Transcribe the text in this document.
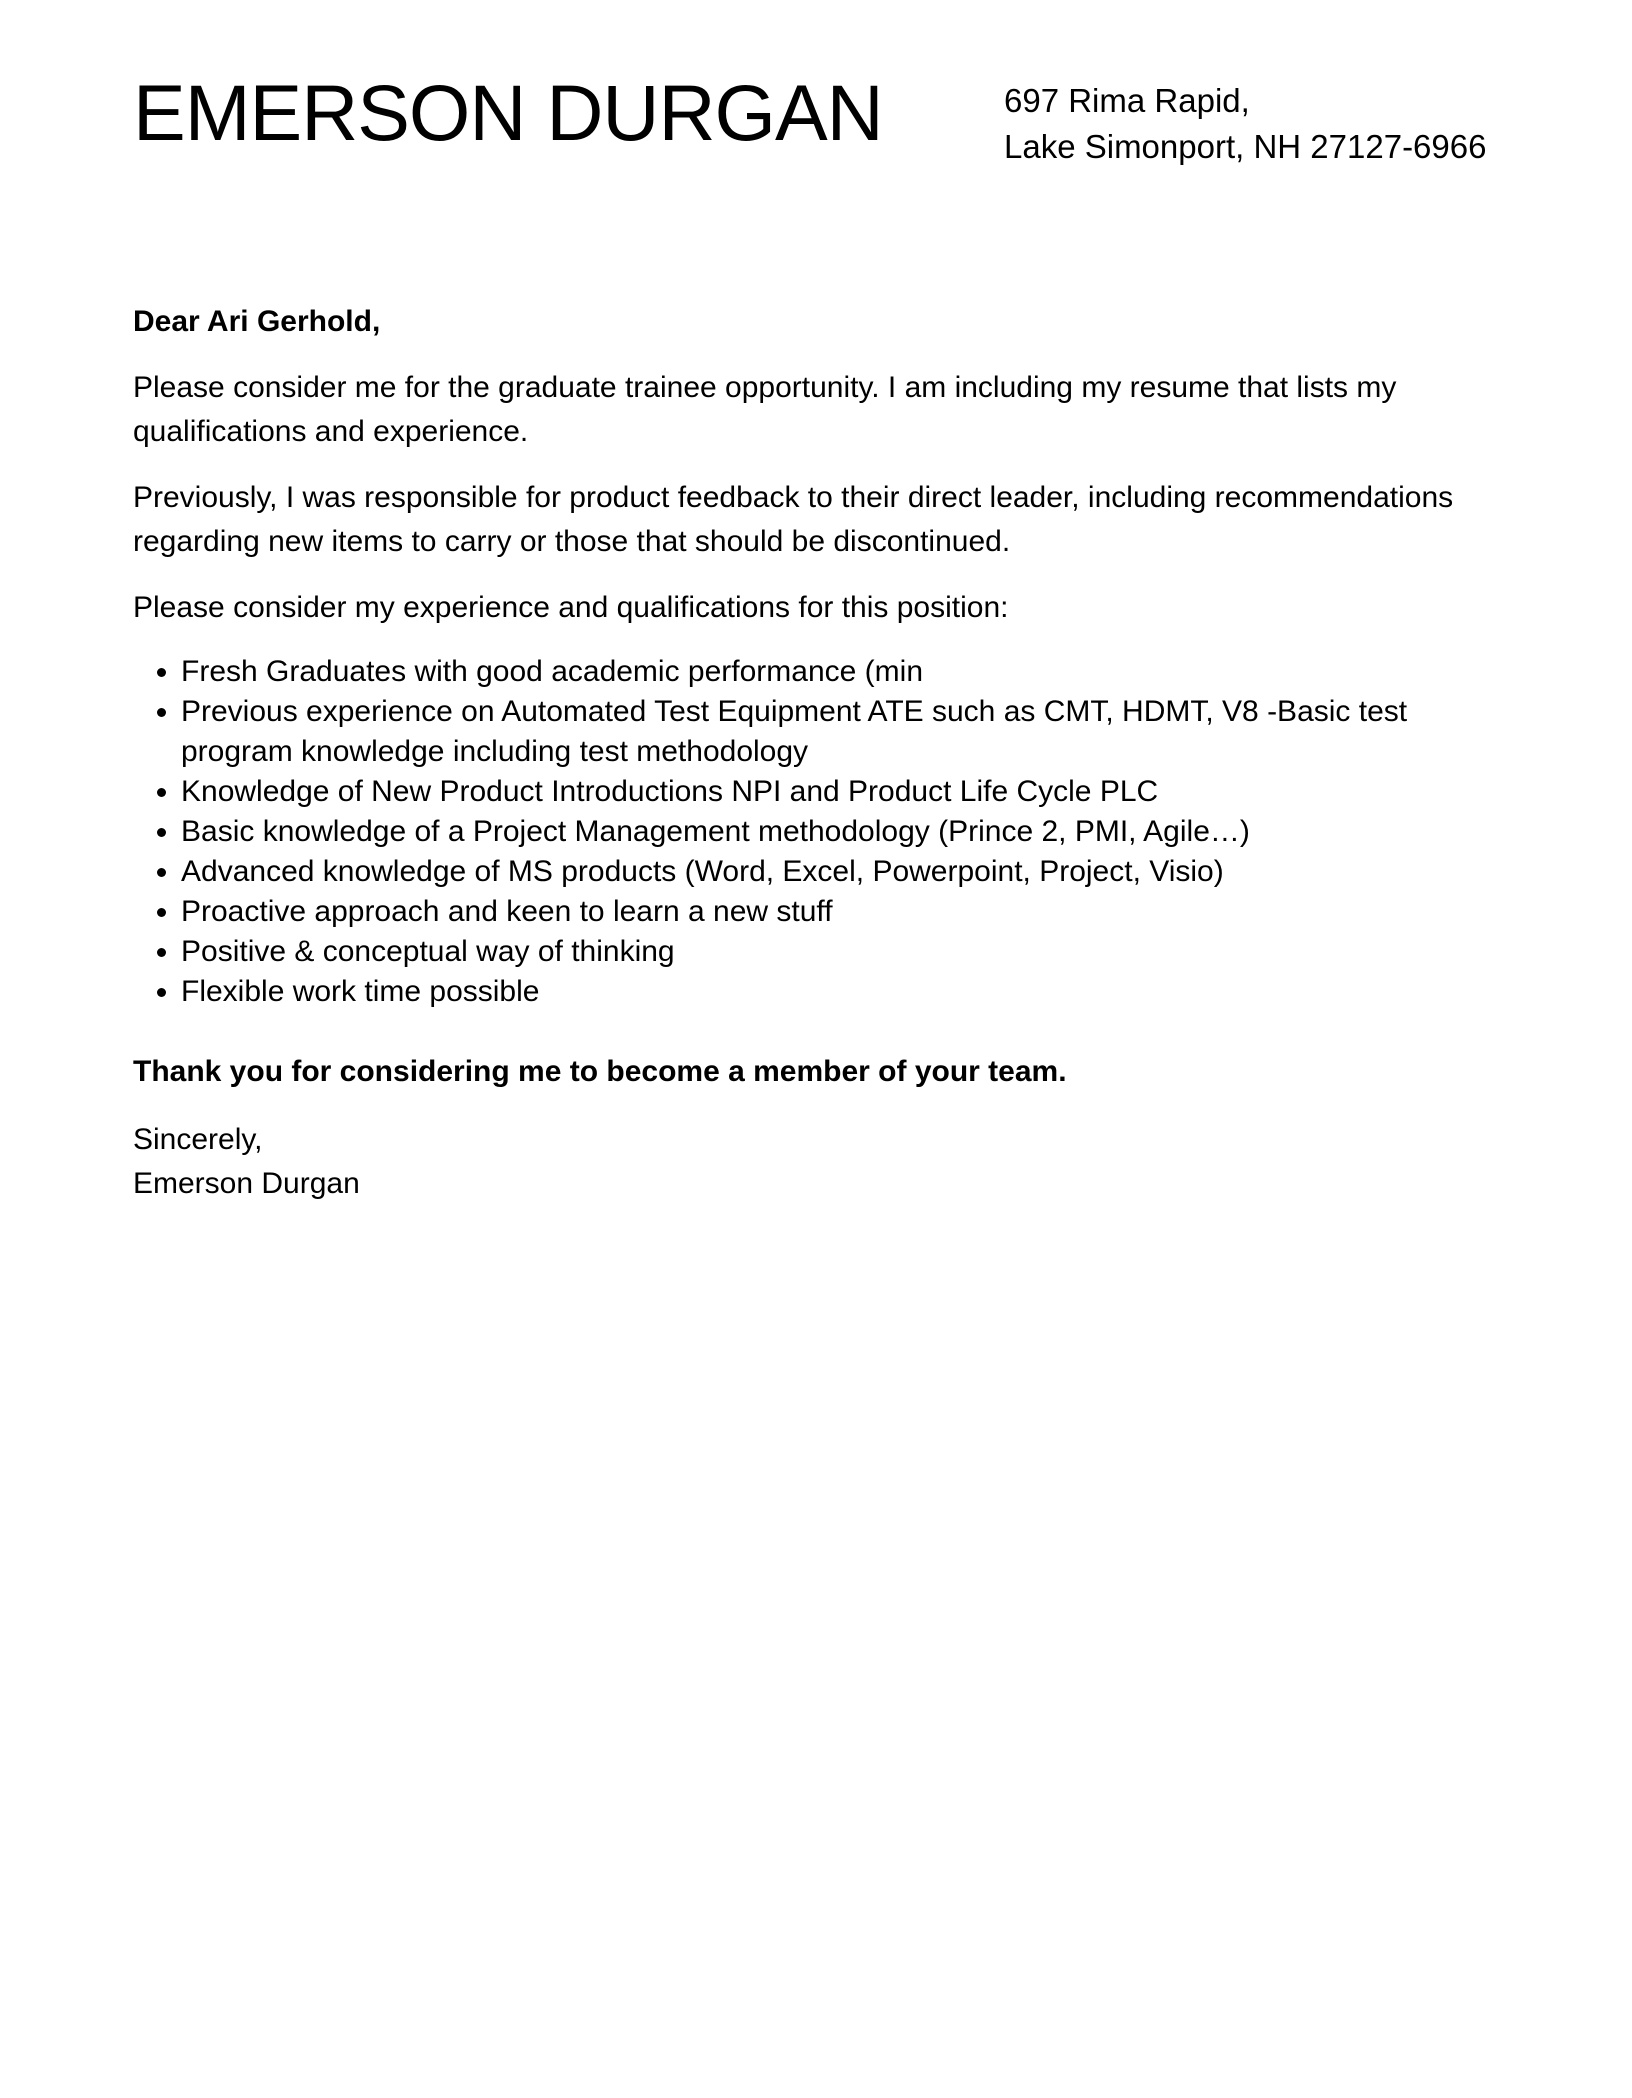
EMERSON DURGAN	697 Rima Rapid,
Lake Simonport, NH 27127-6966

Dear Ari Gerhold,

Please consider me for the graduate trainee opportunity. I am including my resume that lists my qualifications and experience.

Previously, I was responsible for product feedback to their direct leader, including recommendations regarding new items to carry or those that should be discontinued.

Please consider my experience and qualifications for this position:

Fresh Graduates with good academic performance (min
Previous experience on Automated Test Equipment ATE such as CMT, HDMT, V8 -Basic test program knowledge including test methodology
Knowledge of New Product Introductions NPI and Product Life Cycle PLC
Basic knowledge of a Project Management methodology (Prince 2, PMI, Agile…)
Advanced knowledge of MS products (Word, Excel, Powerpoint, Project, Visio)
Proactive approach and keen to learn a new stuff
Positive & conceptual way of thinking
Flexible work time possible

Thank you for considering me to become a member of your team.

Sincerely,
Emerson Durgan
